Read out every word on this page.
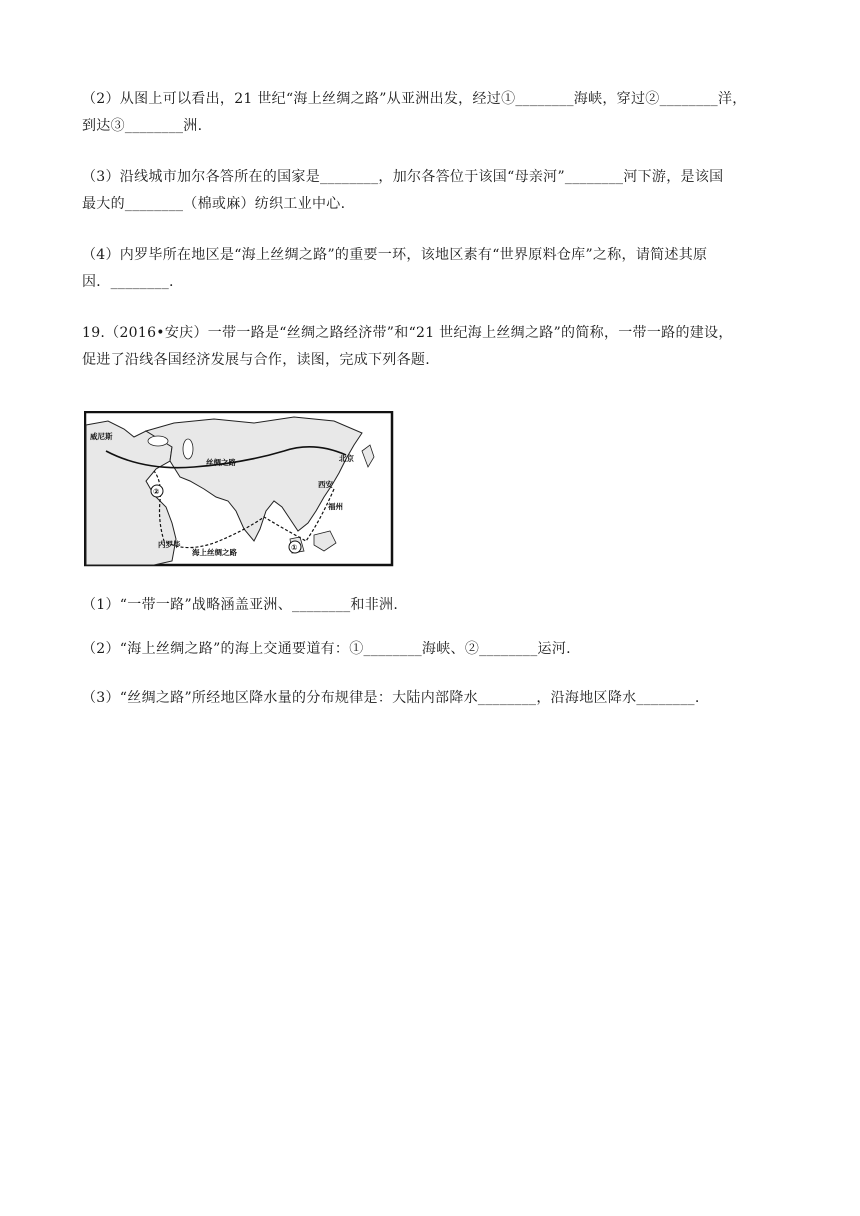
（2）从图上可以看出，21 世纪“海上丝绸之路”从亚洲出发，经过①________海峡，穿过②________洋，
到达③________洲.

（3）沿线城市加尔各答所在的国家是________，加尔各答位于该国“母亲河”________河下游，是该国
最大的________（棉或麻）纺织工业中心.

（4）内罗毕所在地区是“海上丝绸之路”的重要一环，该地区素有“世界原料仓库”之称，请简述其原
因．________.

19.（2016•安庆）一带一路是“丝绸之路经济带”和“21 世纪海上丝绸之路”的简称，一带一路的建设，
促进了沿线各国经济发展与合作，读图，完成下列各题.

②
①
威尼斯
丝绸之路	北京
西安
福州
内罗毕
海上丝绸之路

（1）“一带一路”战略涵盖亚洲、________和非洲.

（2）“海上丝绸之路”的海上交通要道有：①________海峡、②________运河.

（3）“丝绸之路”所经地区降水量的分布规律是：大陆内部降水________，沿海地区降水________.
